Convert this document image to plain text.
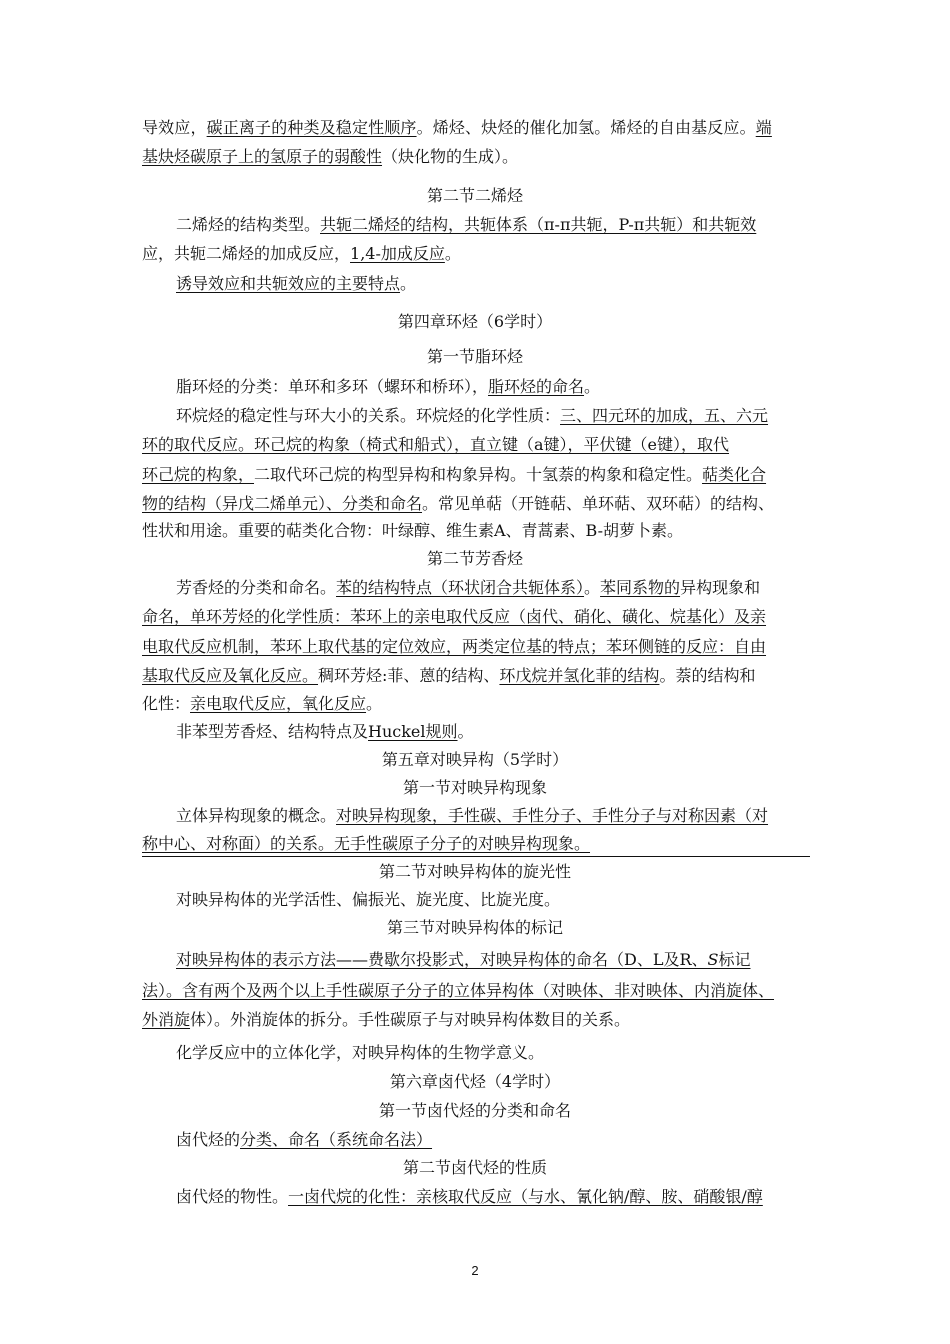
导效应，碳正离子的种类及稳定性顺序。烯烃、炔烃的催化加氢。烯烃的自由基反应。端
基炔烃碳原子上的氢原子的弱酸性（炔化物的生成）。
第二节二烯烃
二烯烃的结构类型。共轭二烯烃的结构，共轭体系（π-π共轭，P-π共轭）和共轭效
应，共轭二烯烃的加成反应，1,4-加成反应。
诱导效应和共轭效应的主要特点。
第四章环烃（6学时）
第一节脂环烃
脂环烃的分类：单环和多环（螺环和桥环），脂环烃的命名。
环烷烃的稳定性与环大小的关系。环烷烃的化学性质：三、四元环的加成，五、六元
环的取代反应。环己烷的构象（椅式和船式），直立键（a键），平伏键（e键），取代
环己烷的构象，二取代环己烷的构型异构和构象异构。十氢萘的构象和稳定性。萜类化合
物的结构（异戊二烯单元）、分类和命名。常见单萜（开链萜、单环萜、双环萜）的结构、
性状和用途。重要的萜类化合物：叶绿醇、维生素A、青蒿素、B-胡萝卜素。
第二节芳香烃
芳香烃的分类和命名。苯的结构特点（环状闭合共轭体系）。苯同系物的异构现象和
命名，单环芳烃的化学性质：苯环上的亲电取代反应（卤代、硝化、磺化、烷基化）及亲
电取代反应机制，苯环上取代基的定位效应，两类定位基的特点；苯环侧链的反应：自由
基取代反应及氧化反应。稠环芳烃:菲、蒽的结构、环戊烷并氢化菲的结构。萘的结构和
化性：亲电取代反应，氧化反应。
非苯型芳香烃、结构特点及Huckel规则。
第五章对映异构（5学时）
第一节对映异构现象
立体异构现象的概念。对映异构现象，手性碳、手性分子、手性分子与对称因素（对
称中心、对称面）的关系。无手性碳原子分子的对映异构现象。
第二节对映异构体的旋光性
对映异构体的光学活性、偏振光、旋光度、比旋光度。
第三节对映异构体的标记
对映异构体的表示方法——费歇尔投影式，对映异构体的命名（D、L及R、S标记
法）。含有两个及两个以上手性碳原子分子的立体异构体（对映体、非对映体、内消旋体、
外消旋体）。外消旋体的拆分。手性碳原子与对映异构体数目的关系。
化学反应中的立体化学，对映异构体的生物学意义。
第六章卤代烃（4学时）
第一节卤代烃的分类和命名
卤代烃的分类、命名（系统命名法）
第二节卤代烃的性质
卤代烃的物性。一卤代烷的化性：亲核取代反应（与水、氰化钠/醇、胺、硝酸银/醇
2
